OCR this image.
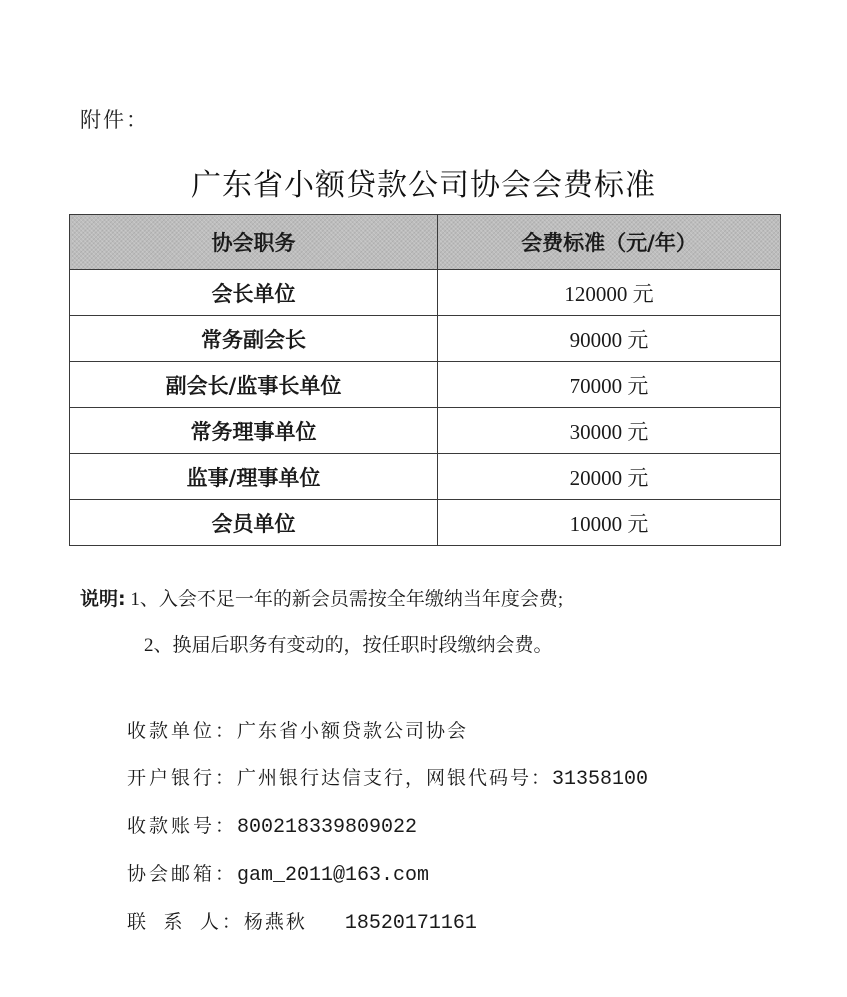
附件：
广东省小额贷款公司协会会费标准
协会职务	会费标准（元/年）
会长单位	120000 元
常务副会长	90000 元
副会长/监事长单位	70000 元
常务理事单位	30000 元
监事/理事单位	20000 元
会员单位	10000 元
说明: 1、入会不足一年的新会员需按全年缴纳当年度会费;
2、换届后职务有变动的，按任职时段缴纳会费。
收款单位：广东省小额贷款公司协会
开户银行：广州银行达信支行，网银代码号：31358100
收款账号：800218339809022
协会邮箱：gam_2011@163.com
联 系 人：杨燕秋 18520171161
